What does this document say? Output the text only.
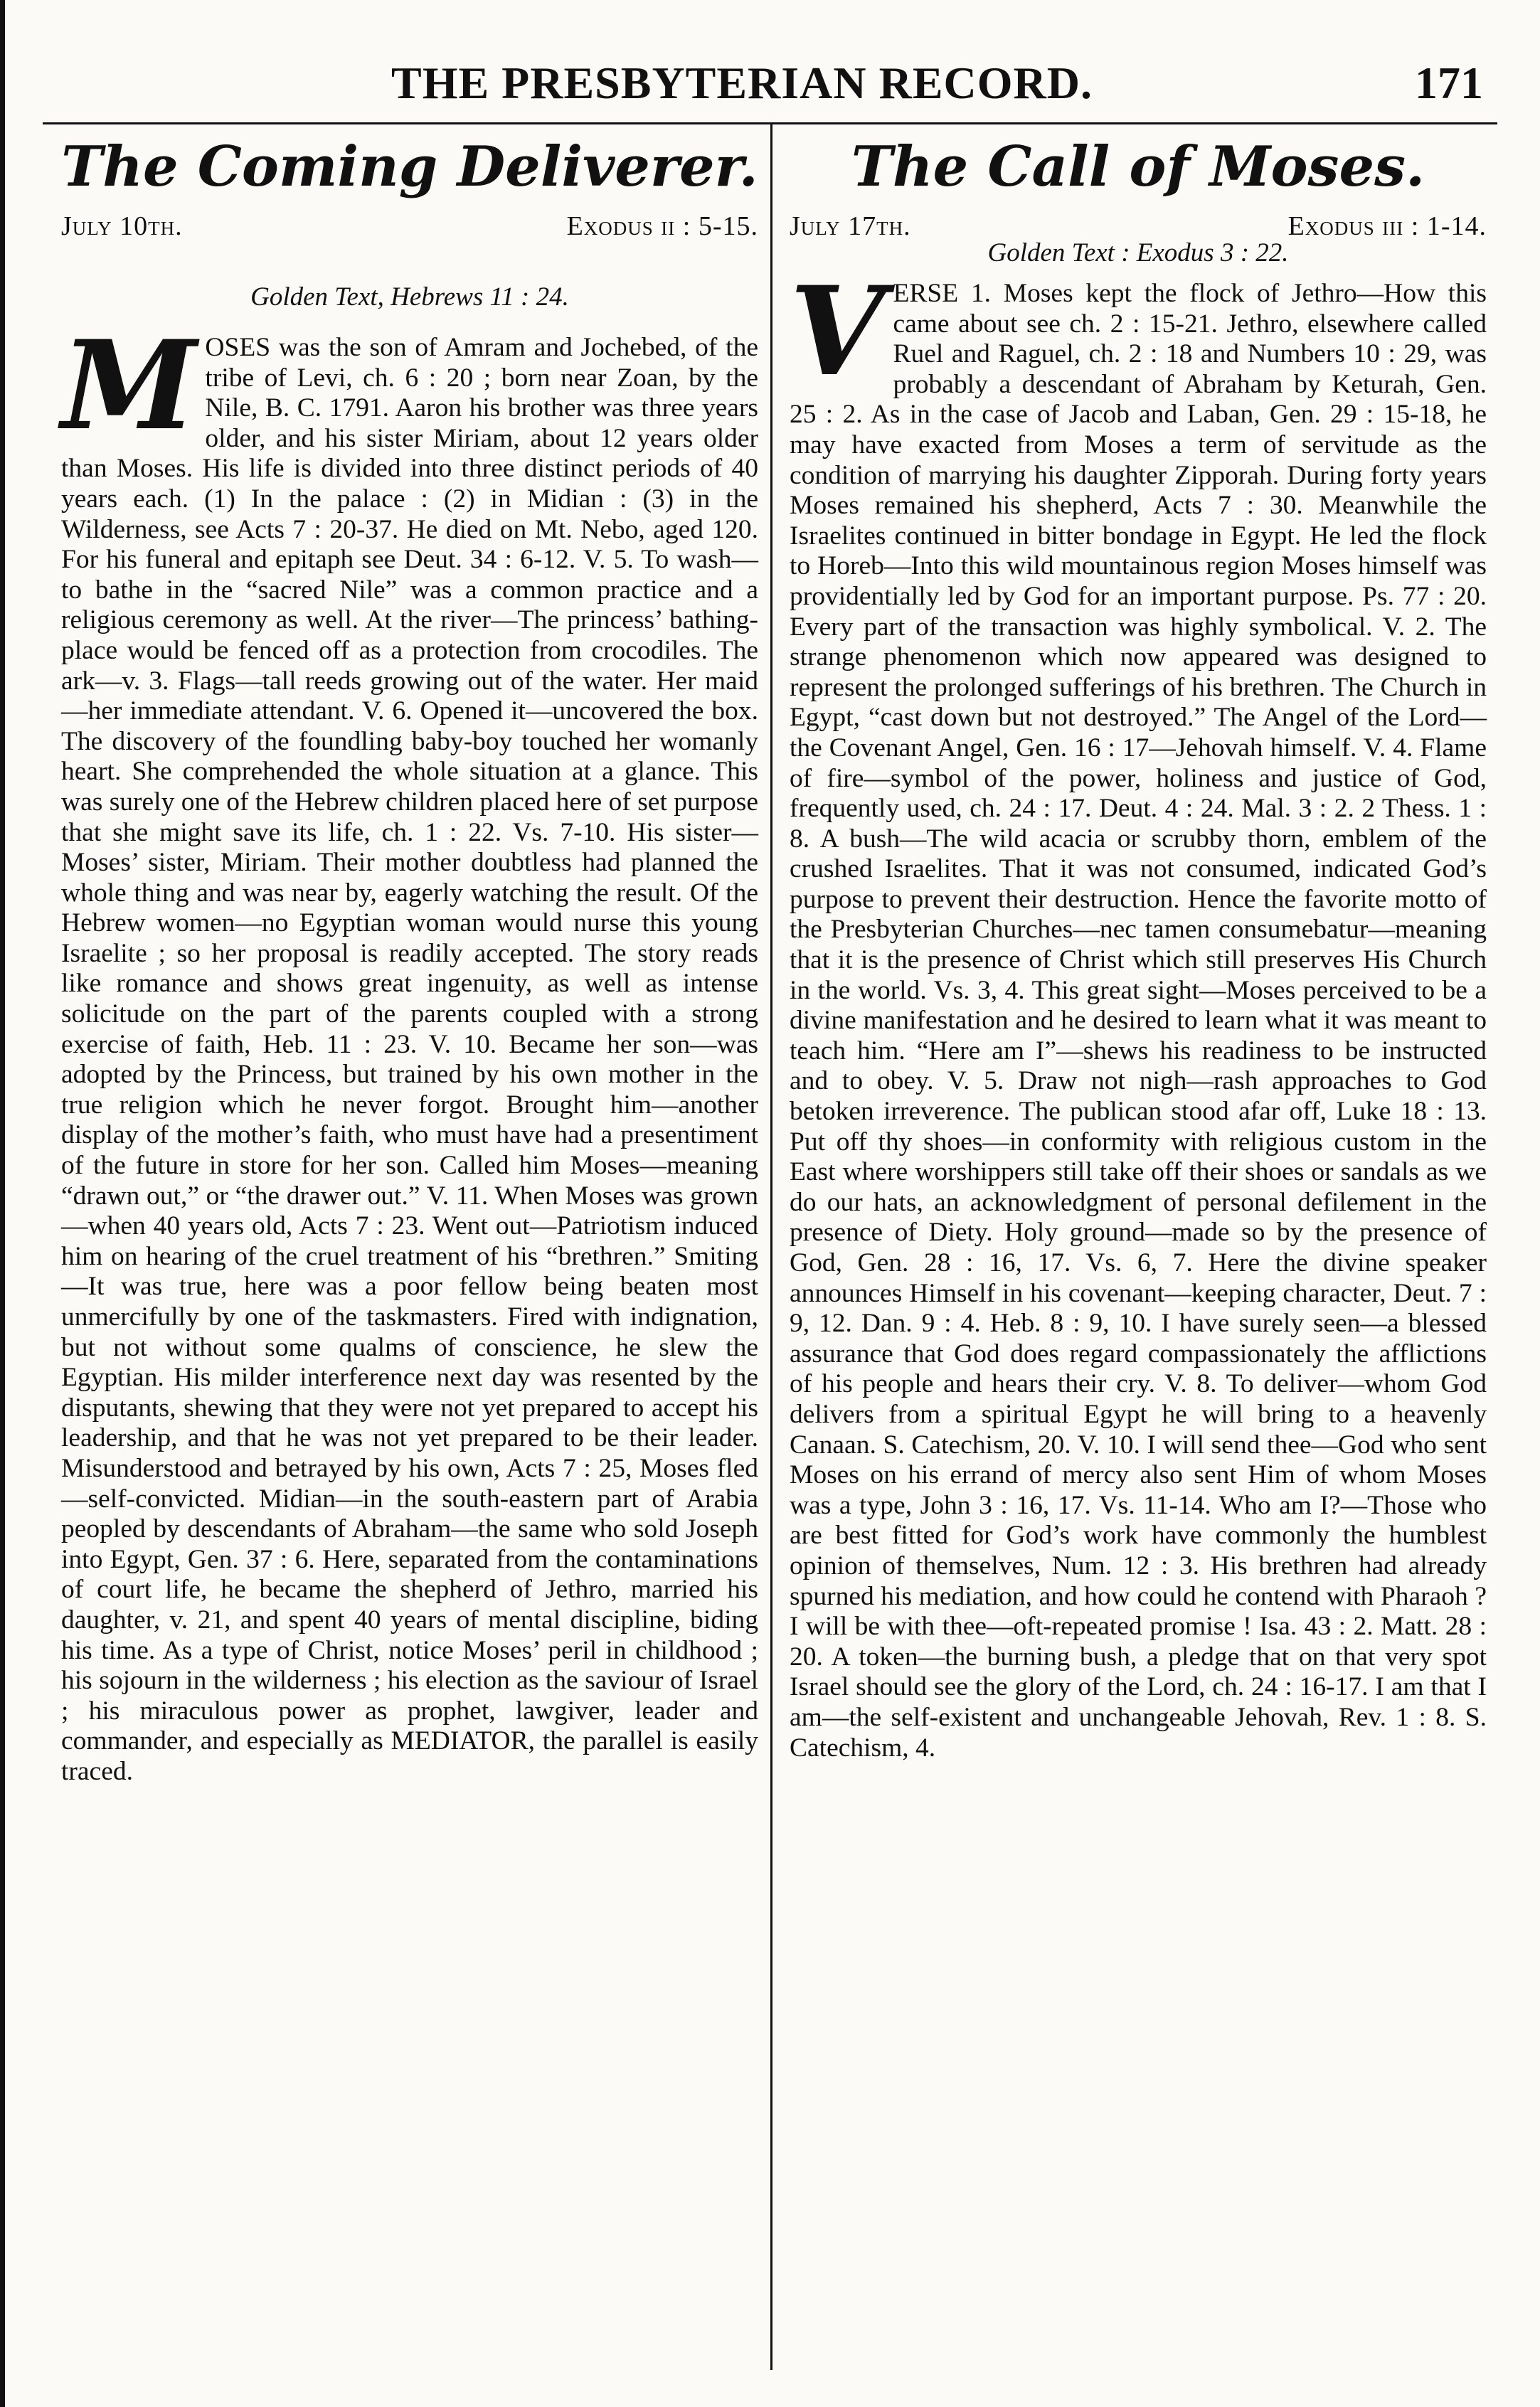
THE PRESBYTERIAN RECORD.	171
The Coming Deliverer.
July 10th.	Exodus ii : 5-15.
Golden Text, Hebrews 11 : 24.

MOSES was the son of Amram and Jochebed, of the tribe of Levi, ch. 6 : 20 ; born near Zoan, by the Nile, B. C. 1791. Aaron his brother was three years older, and his sister Miriam, about 12 years older than Moses. His life is divided into three distinct periods of 40 years each. (1) In the palace : (2) in Midian : (3) in the Wilderness, see Acts 7 : 20-37. He died on Mt. Nebo, aged 120. For his funeral and epitaph see Deut. 34 : 6-12. V. 5. To wash—to bathe in the “sacred Nile” was a common practice and a religious ceremony as well. At the river—The princess’ bathing-place would be fenced off as a protection from crocodiles. The ark—v. 3. Flags—tall reeds growing out of the water. Her maid—her immediate attendant. V. 6. Opened it—uncovered the box. The discovery of the foundling baby-boy touched her womanly heart. She comprehended the whole situation at a glance. This was surely one of the Hebrew children placed here of set purpose that she might save its life, ch. 1 : 22. Vs. 7-10. His sister—Moses’ sister, Miriam. Their mother doubtless had planned the whole thing and was near by, eagerly watching the result. Of the Hebrew women—no Egyptian woman would nurse this young Israelite ; so her proposal is readily accepted. The story reads like romance and shows great ingenuity, as well as intense solicitude on the part of the parents coupled with a strong exercise of faith, Heb. 11 : 23. V. 10. Became her son—was adopted by the Princess, but trained by his own mother in the true religion which he never forgot. Brought him—another display of the mother’s faith, who must have had a presentiment of the future in store for her son. Called him Moses—meaning “drawn out,” or “the drawer out.” V. 11. When Moses was grown—when 40 years old, Acts 7 : 23. Went out—Patriotism induced him on hearing of the cruel treatment of his “brethren.” Smiting—It was true, here was a poor fellow being beaten most unmercifully by one of the taskmasters. Fired with indignation, but not without some qualms of conscience, he slew the Egyptian. His milder interference next day was resented by the disputants, shewing that they were not yet prepared to accept his leadership, and that he was not yet prepared to be their leader. Misunderstood and betrayed by his own, Acts 7 : 25, Moses fled—self-convicted. Midian—in the south-eastern part of Arabia peopled by descendants of Abraham—the same who sold Joseph into Egypt, Gen. 37 : 6. Here, separated from the contaminations of court life, he became the shepherd of Jethro, married his daughter, v. 21, and spent 40 years of mental discipline, biding his time. As a type of Christ, notice Moses’ peril in childhood ; his sojourn in the wilderness ; his election as the saviour of Israel ; his miraculous power as prophet, lawgiver, leader and commander, and especially as MEDIATOR, the parallel is easily traced.

The Call of Moses.
July 17th.	Exodus iii : 1-14.
Golden Text : Exodus 3 : 22.

VERSE 1. Moses kept the flock of Jethro—How this came about see ch. 2 : 15-21. Jethro, elsewhere called Ruel and Raguel, ch. 2 : 18 and Numbers 10 : 29, was probably a descendant of Abraham by Keturah, Gen. 25 : 2. As in the case of Jacob and Laban, Gen. 29 : 15-18, he may have exacted from Moses a term of servitude as the condition of marrying his daughter Zipporah. During forty years Moses remained his shepherd, Acts 7 : 30. Meanwhile the Israelites continued in bitter bondage in Egypt. He led the flock to Horeb—Into this wild mountainous region Moses himself was providentially led by God for an important purpose. Ps. 77 : 20. Every part of the transaction was highly symbolical. V. 2. The strange phenomenon which now appeared was designed to represent the prolonged sufferings of his brethren. The Church in Egypt, “cast down but not destroyed.” The Angel of the Lord—the Covenant Angel, Gen. 16 : 17—Jehovah himself. V. 4. Flame of fire—symbol of the power, holiness and justice of God, frequently used, ch. 24 : 17. Deut. 4 : 24. Mal. 3 : 2. 2 Thess. 1 : 8. A bush—The wild acacia or scrubby thorn, emblem of the crushed Israelites. That it was not consumed, indicated God’s purpose to prevent their destruction. Hence the favorite motto of the Presbyterian Churches—nec tamen consumebatur—meaning that it is the presence of Christ which still preserves His Church in the world. Vs. 3, 4. This great sight—Moses perceived to be a divine manifestation and he desired to learn what it was meant to teach him. “Here am I”—shews his readiness to be instructed and to obey. V. 5. Draw not nigh—rash approaches to God betoken irreverence. The publican stood afar off, Luke 18 : 13. Put off thy shoes—in conformity with religious custom in the East where worshippers still take off their shoes or sandals as we do our hats, an acknowledgment of personal defilement in the presence of Diety. Holy ground—made so by the presence of God, Gen. 28 : 16, 17. Vs. 6, 7. Here the divine speaker announces Himself in his covenant—keeping character, Deut. 7 : 9, 12. Dan. 9 : 4. Heb. 8 : 9, 10. I have surely seen—a blessed assurance that God does regard compassionately the afflictions of his people and hears their cry. V. 8. To deliver—whom God delivers from a spiritual Egypt he will bring to a heavenly Canaan. S. Catechism, 20. V. 10. I will send thee—God who sent Moses on his errand of mercy also sent Him of whom Moses was a type, John 3 : 16, 17. Vs. 11-14. Who am I?—Those who are best fitted for God’s work have commonly the humblest opinion of themselves, Num. 12 : 3. His brethren had already spurned his mediation, and how could he contend with Pharaoh ? I will be with thee—oft-repeated promise ! Isa. 43 : 2. Matt. 28 : 20. A token—the burning bush, a pledge that on that very spot Israel should see the glory of the Lord, ch. 24 : 16-17. I am that I am—the self-existent and unchangeable Jehovah, Rev. 1 : 8. S. Catechism, 4.
